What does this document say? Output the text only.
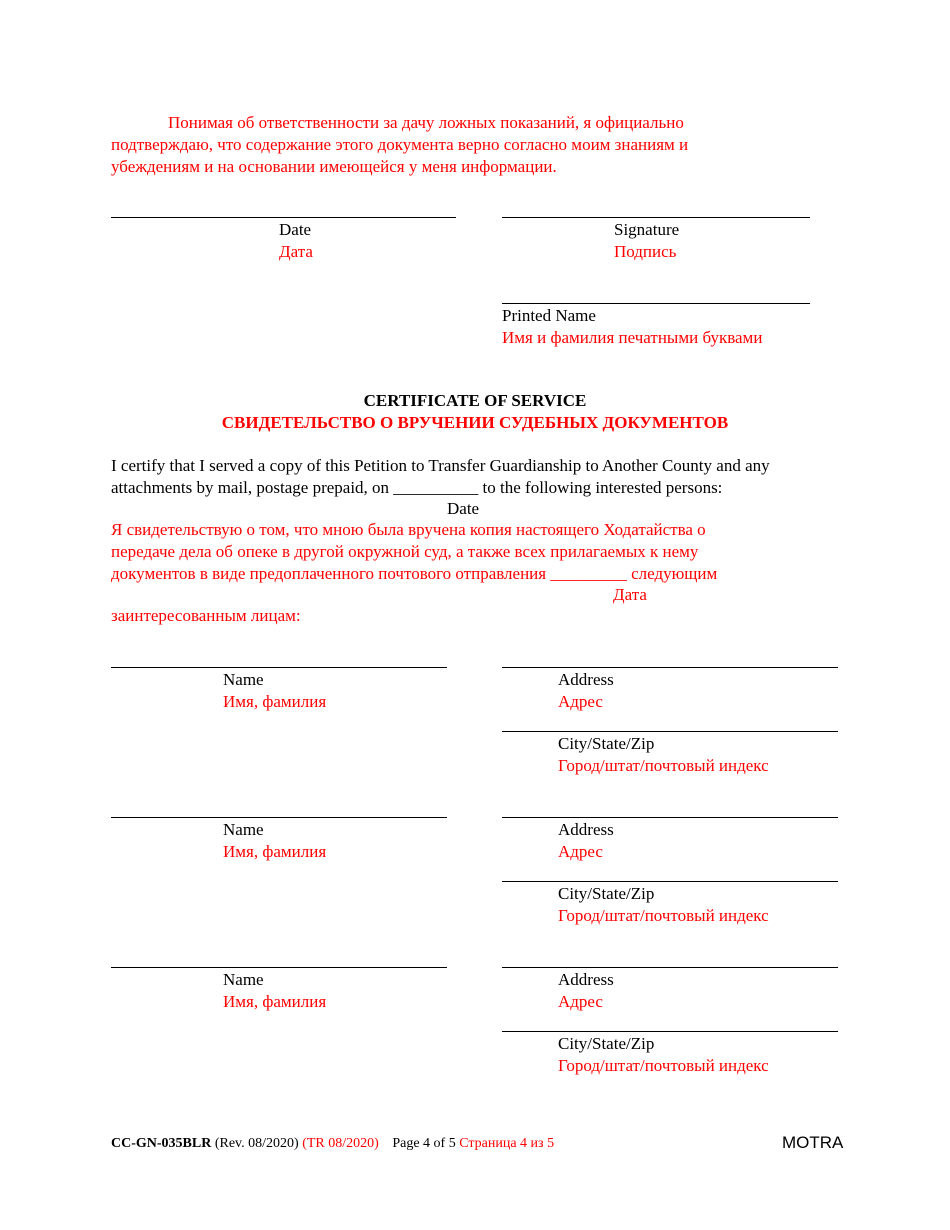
Понимая об ответственности за дачу ложных показаний, я официально
подтверждаю, что содержание этого документа верно согласно моим знаниям и
убеждениям и на основании имеющейся у меня информации.
Date
Дата
Signature
Подпись
Printed Name
Имя и фамилия печатными буквами
CERTIFICATE OF SERVICE
СВИДЕТЕЛЬСТВО О ВРУЧЕНИИ СУДЕБНЫХ ДОКУМЕНТОВ
I certify that I served a copy of this Petition to Transfer Guardianship to Another County and any
attachments by mail, postage prepaid, on __________ to the following interested persons:
Date
Я свидетельствую о том, что мною была вручена копия настоящего Ходатайства о
передаче дела об опеке в другой окружной суд, а также всех прилагаемых к нему
документов в виде предоплаченного почтового отправления _________ следующим
Дата
заинтересованным лицам:
Name
Имя, фамилия
Address
Адрес
City/State/Zip
Город/штат/почтовый индекс
Name
Имя, фамилия
Address
Адрес
City/State/Zip
Город/штат/почтовый индекс
Name
Имя, фамилия
Address
Адрес
City/State/Zip
Город/штат/почтовый индекс
CC-GN-035BLR (Rev. 08/2020) (TR 08/2020) Page 4 of 5 Страница 4 из 5	MOTRA
